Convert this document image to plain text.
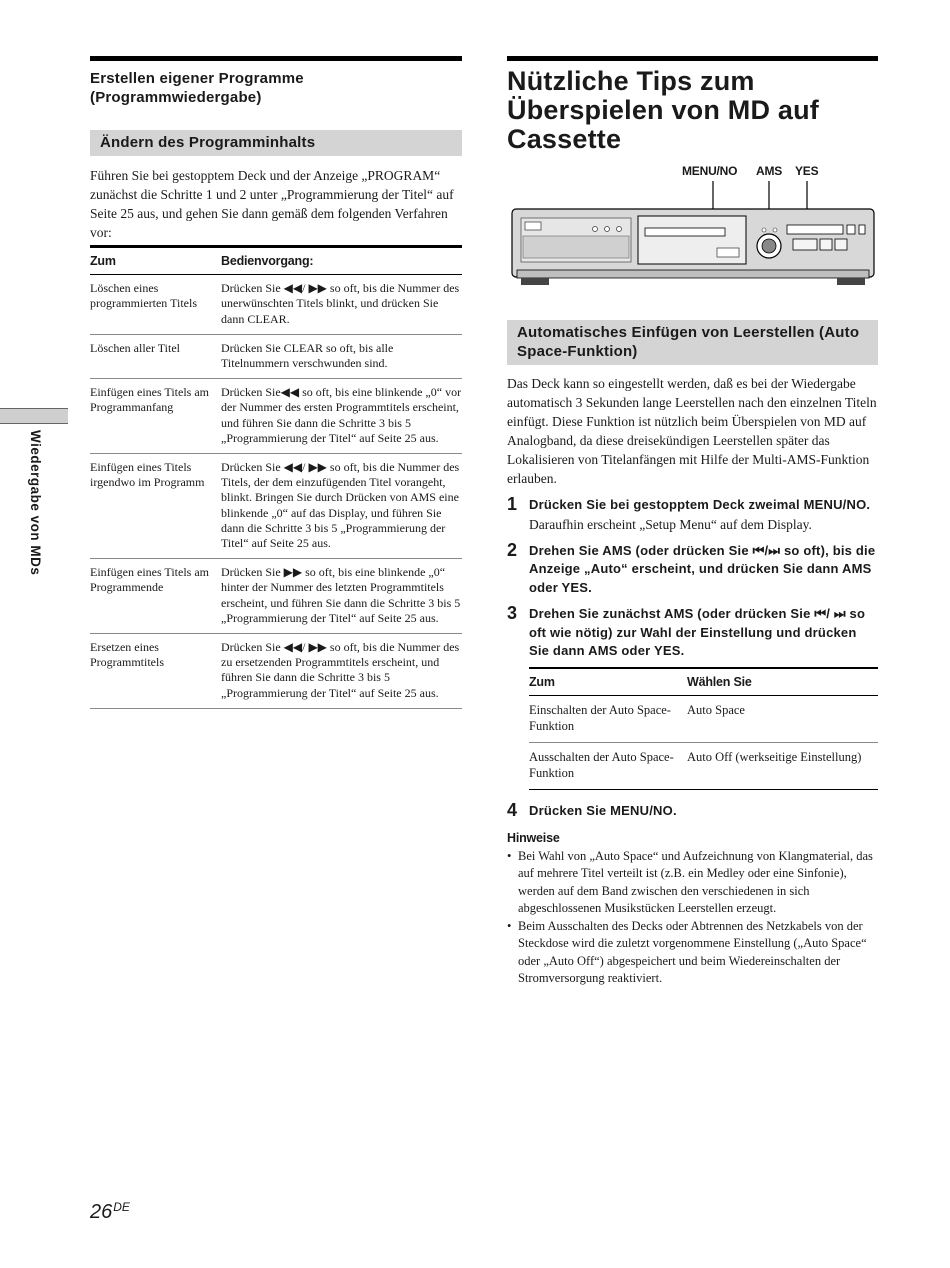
Erstellen eigener Programme
(Programmwiedergabe)
Ändern des Programminhalts
Führen Sie bei gestopptem Deck und der Anzeige „PROGRAM“ zunächst die Schritte 1 und 2 unter „Programmierung der Titel“ auf Seite 25 aus, und gehen Sie dann gemäß dem folgenden Verfahren vor:
Zum	Bedienvorgang:
Löschen eines programmierten Titels	Drücken Sie ◀◀/ ▶▶ so oft, bis die Nummer des unerwünschten Titels blinkt, und drücken Sie dann CLEAR.
Löschen aller Titel	Drücken Sie CLEAR so oft, bis alle Titelnummern verschwunden sind.
Einfügen eines Titels am Programmanfang	Drücken Sie◀◀ so oft, bis eine blinkende „0“ vor der Nummer des ersten Programmtitels erscheint, und führen Sie dann die Schritte 3 bis 5 „Programmierung der Titel“ auf Seite 25 aus.
Einfügen eines Titels irgendwo im Programm	Drücken Sie ◀◀/ ▶▶ so oft, bis die Nummer des Titels, der dem einzufügenden Titel vorangeht, blinkt. Bringen Sie durch Drücken von AMS eine blinkende „0“ auf das Display, und führen Sie dann die Schritte 3 bis 5 „Programmierung der Titel“ auf Seite 25 aus.
Einfügen eines Titels am Programmende	Drücken Sie ▶▶ so oft, bis eine blinkende „0“ hinter der Nummer des letzten Programmtitels erscheint, und führen Sie dann die Schritte 3 bis 5 „Programmierung der Titel“ auf Seite 25 aus.
Ersetzen eines Programmtitels	Drücken Sie ◀◀/ ▶▶ so oft, bis die Nummer des zu ersetzenden Programmtitels erscheint, und führen Sie dann die Schritte 3 bis 5 „Programmierung der Titel“ auf Seite 25 aus.
Wiedergabe von MDs
Nützliche Tips zum Überspielen von MD auf Cassette
MENU/NO AMS YES
Automatisches Einfügen von Leerstellen (Auto Space-Funktion)
Das Deck kann so eingestellt werden, daß es bei der Wiedergabe automatisch 3 Sekunden lange Leerstellen nach den einzelnen Titeln einfügt. Diese Funktion ist nützlich beim Überspielen von MD auf Analogband, da diese dreisekündigen Leerstellen später das Lokalisieren von Titelanfängen mit Hilfe der Multi-AMS-Funktion erlauben.
1 Drücken Sie bei gestopptem Deck zweimal MENU/NO.
Daraufhin erscheint „Setup Menu“ auf dem Display.
2 Drehen Sie AMS (oder drücken Sie ⏮/⏭ so oft), bis die Anzeige „Auto“ erscheint, und drücken Sie dann AMS oder YES.
3 Drehen Sie zunächst AMS (oder drücken Sie ⏮/ ⏭ so oft wie nötig) zur Wahl der Einstellung und drücken Sie dann AMS oder YES.
Zum	Wählen Sie
Einschalten der Auto Space-Funktion	Auto Space
Ausschalten der Auto Space-Funktion	Auto Off (werkseitige Einstellung)
4 Drücken Sie MENU/NO.
Hinweise
• Bei Wahl von „Auto Space“ und Aufzeichnung von Klangmaterial, das auf mehrere Titel verteilt ist (z.B. ein Medley oder eine Sinfonie), werden auf dem Band zwischen den verschiedenen in sich abgeschlossenen Musikstücken Leerstellen erzeugt.
• Beim Ausschalten des Decks oder Abtrennen des Netzkabels von der Steckdose wird die zuletzt vorgenommene Einstellung („Auto Space“ oder „Auto Off“) abgespeichert und beim Wiedereinschalten der Stromversorgung reaktiviert.
26DE
